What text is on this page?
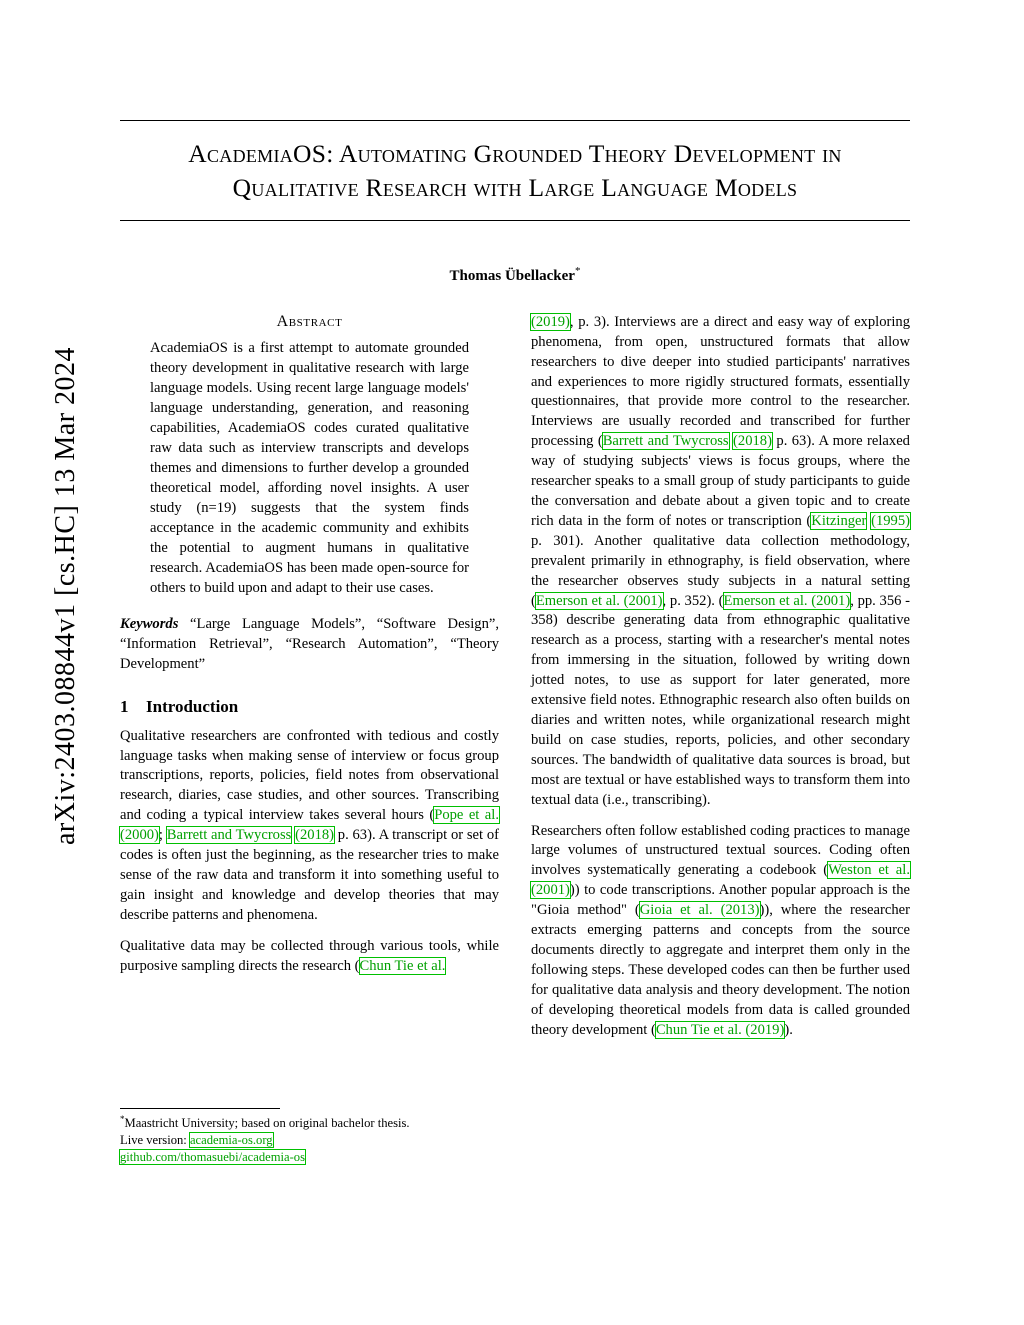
arXiv:2403.08844v1 [cs.HC] 13 Mar 2024
AcademiaOS: Automating Grounded Theory Development in Qualitative Research with Large Language Models
Thomas Übellacker*
Abstract
AcademiaOS is a first attempt to automate grounded theory development in qualitative research with large language models. Using recent large language models' language understanding, generation, and reasoning capabilities, AcademiaOS codes curated qualitative raw data such as interview transcripts and develops themes and dimensions to further develop a grounded theoretical model, affording novel insights. A user study (n=19) suggests that the system finds acceptance in the academic community and exhibits the potential to augment humans in qualitative research. AcademiaOS has been made open-source for others to build upon and adapt to their use cases.
Keywords “Large Language Models”, “Software Design”, “Information Retrieval”, “Research Automation”, “Theory Development”
1 Introduction

Qualitative researchers are confronted with tedious and costly language tasks when making sense of interview or focus group transcriptions, reports, policies, field notes from observational research, diaries, case studies, and other sources. Transcribing and coding a typical interview takes several hours (Pope et al. (2000); Barrett and Twycross (2018) p. 63). A transcript or set of codes is often just the beginning, as the researcher tries to make sense of the raw data and transform it into something useful to gain insight and knowledge and develop theories that may describe patterns and phenomena.

Qualitative data may be collected through various tools, while purposive sampling directs the research (Chun Tie et al.

*Maastricht University; based on original bachelor thesis.
Live version: academia-os.org
github.com/thomasuebi/academia-os

(2019), p. 3). Interviews are a direct and easy way of exploring phenomena, from open, unstructured formats that allow researchers to dive deeper into studied participants' narratives and experiences to more rigidly structured formats, essentially questionnaires, that provide more control to the researcher. Interviews are usually recorded and transcribed for further processing (Barrett and Twycross (2018) p. 63). A more relaxed way of studying subjects' views is focus groups, where the researcher speaks to a small group of study participants to guide the conversation and debate about a given topic and to create rich data in the form of notes or transcription (Kitzinger (1995) p. 301). Another qualitative data collection methodology, prevalent primarily in ethnography, is field observation, where the researcher observes study subjects in a natural setting (Emerson et al. (2001), p. 352). (Emerson et al. (2001), pp. 356 - 358) describe generating data from ethnographic qualitative research as a process, starting with a researcher's mental notes from immersing in the situation, followed by writing down jotted notes, to use as support for later generated, more extensive field notes. Ethnographic research also often builds on diaries and written notes, while organizational research might build on case studies, reports, policies, and other secondary sources. The bandwidth of qualitative data sources is broad, but most are textual or have established ways to transform them into textual data (i.e., transcribing).

Researchers often follow established coding practices to manage large volumes of unstructured textual sources. Coding often involves systematically generating a codebook (Weston et al. (2001))) to code transcriptions. Another popular approach is the "Gioia method" (Gioia et al. (2013))), where the researcher extracts emerging patterns and concepts from the source documents directly to aggregate and interpret them only in the following steps. These developed codes can then be further used for qualitative data analysis and theory development. The notion of developing theoretical models from data is called grounded theory development (Chun Tie et al. (2019)).
